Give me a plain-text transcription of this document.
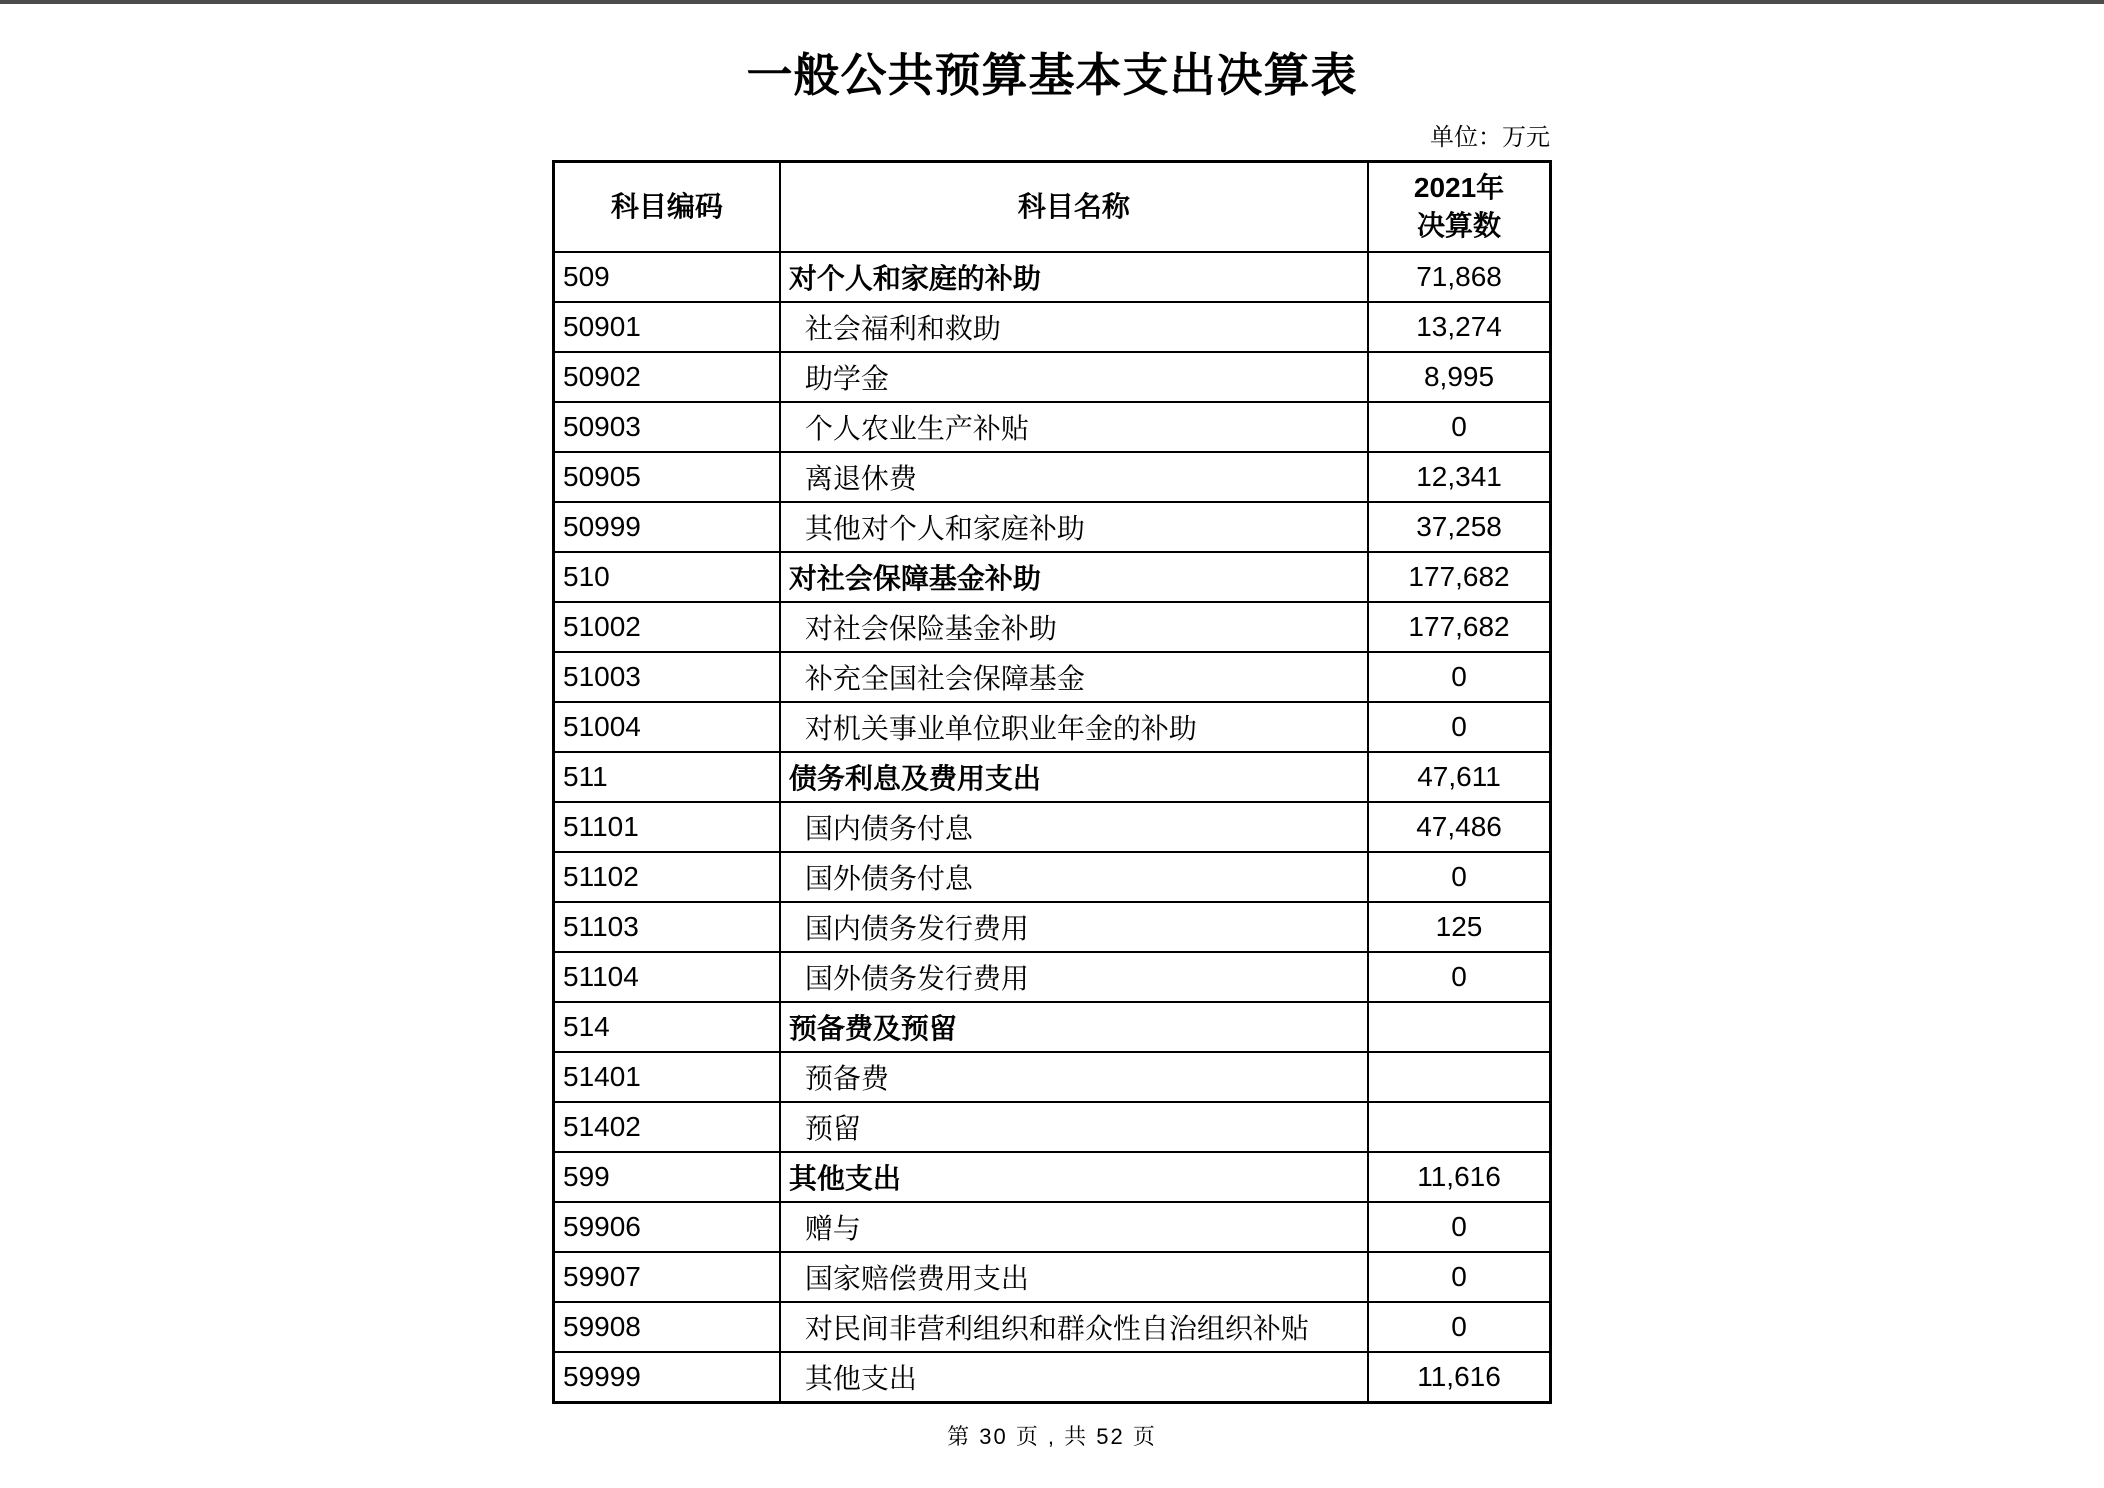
一般公共预算基本支出决算表
单位：万元
科目编码	科目名称	2021年
决算数
509	对个人和家庭的补助	71,868
50901	社会福利和救助	13,274
50902	助学金	8,995
50903	个人农业生产补贴	0
50905	离退休费	12,341
50999	其他对个人和家庭补助	37,258
510	对社会保障基金补助	177,682
51002	对社会保险基金补助	177,682
51003	补充全国社会保障基金	0
51004	对机关事业单位职业年金的补助	0
511	债务利息及费用支出	47,611
51101	国内债务付息	47,486
51102	国外债务付息	0
51103	国内债务发行费用	125
51104	国外债务发行费用	0
514	预备费及预留	
51401	预备费	
51402	预留	
599	其他支出	11,616
59906	赠与	0
59907	国家赔偿费用支出	0
59908	对民间非营利组织和群众性自治组织补贴	0
59999	其他支出	11,616
第 30 页 , 共 52 页
